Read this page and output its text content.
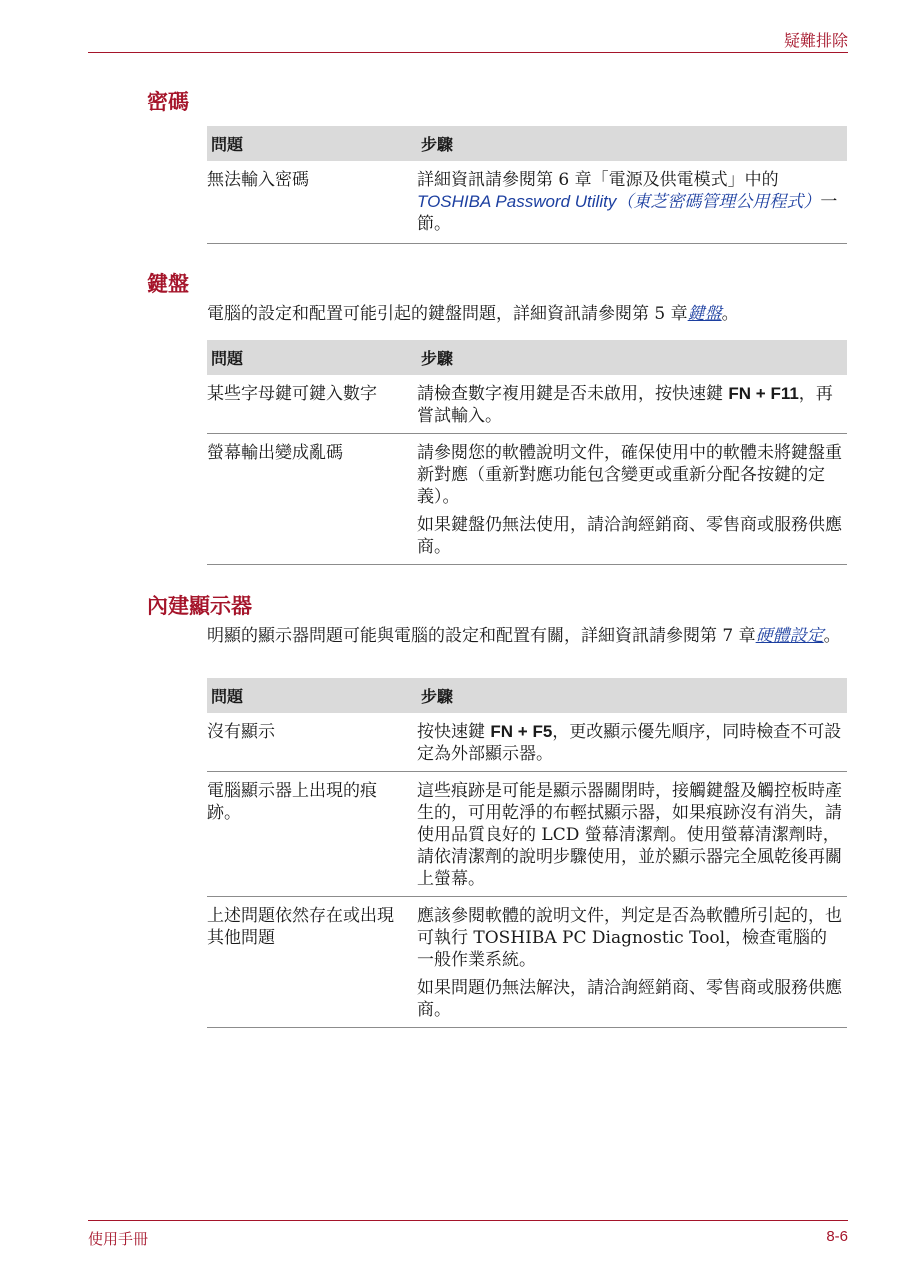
疑難排除
密碼
問題	步驟
無法輸入密碼	詳細資訊請參閱第 6 章「電源及供電模式」中的
TOSHIBA Password Utility（東芝密碼管理公用程式）一節。
鍵盤
電腦的設定和配置可能引起的鍵盤問題，詳細資訊請參閱第 5 章鍵盤。
問題	步驟
某些字母鍵可鍵入數字	請檢查數字複用鍵是否未啟用，按快速鍵 FN + F11，再嘗試輸入。
螢幕輸出變成亂碼	請參閱您的軟體說明文件，確保使用中的軟體未將鍵盤重新對應（重新對應功能包含變更或重新分配各按鍵的定義）。

如果鍵盤仍無法使用，請洽詢經銷商、零售商或服務供應商。

內建顯示器
明顯的顯示器問題可能與電腦的設定和配置有關，詳細資訊請參閱第 7 章硬體設定。
問題	步驟
沒有顯示	按快速鍵 FN + F5，更改顯示優先順序，同時檢查不可設定為外部顯示器。
電腦顯示器上出現的痕跡。	這些痕跡是可能是顯示器關閉時，接觸鍵盤及觸控板時產生的，可用乾淨的布輕拭顯示器，如果痕跡沒有消失，請使用品質良好的 LCD 螢幕清潔劑。使用螢幕清潔劑時，請依清潔劑的說明步驟使用，並於顯示器完全風乾後再關上螢幕。

上述問題依然存在或出現其他問題	應該參閱軟體的說明文件，判定是否為軟體所引起的，也可執行 TOSHIBA PC Diagnostic Tool，檢查電腦的一般作業系統。

如果問題仍無法解決，請洽詢經銷商、零售商或服務供應商。

使用手冊	8-6
